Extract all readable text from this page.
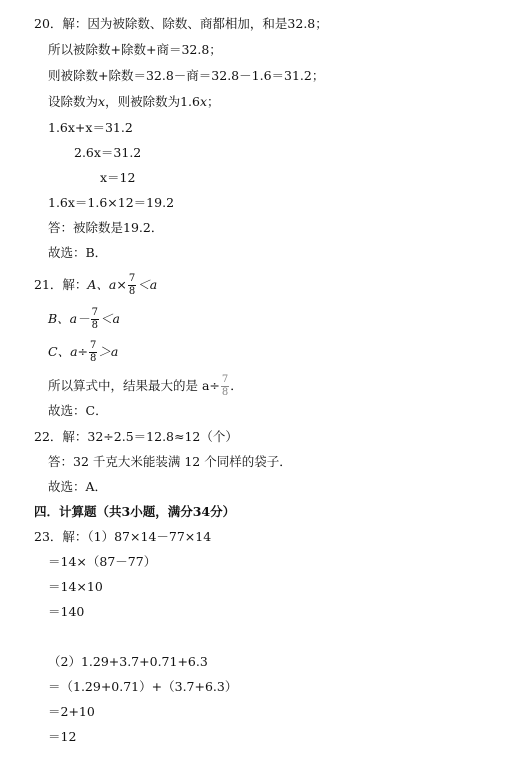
20．解：因为被除数、除数、商都相加，和是32.8；
所以被除数+除数+商＝32.8；
则被除数+除数＝32.8－商＝32.8－1.6＝31.2；
设除数为x，则被除数为1.6x；
1.6x+x＝31.2
2.6x＝31.2
x＝12
1.6x＝1.6×12＝19.2
答：被除数是19.2．
故选：B．
21．解：A、$a\times \frac{7}{8} <a$
B、$a- \frac{7}{8} <a$
C、$a\div \frac{7}{8} >a$
所以算式中，结果最大的是 $a\div \frac{7}{8}$ ．
故选：C．
22．解：32÷2.5＝12.8≈12（个）
答：32 千克大米能装满 12 个同样的袋子．
故选：A．
四．计算题（共3小题，满分34分）
23．解：（1）87×14－77×14
＝14×（87－77）
＝14×10
＝140
（2）1.29+3.7+0.71+6.3
＝（1.29+0.71）+（3.7+6.3）
＝2+10
＝12
